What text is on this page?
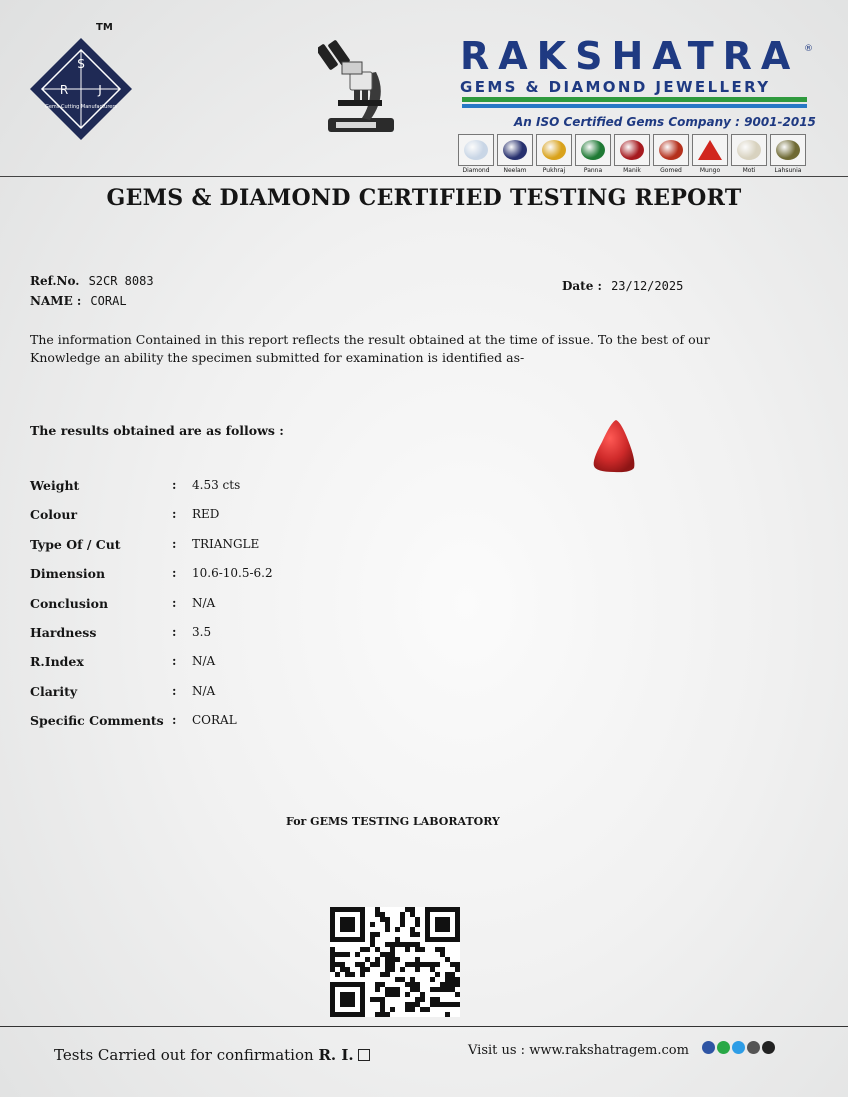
S
R	J
Gems Cutting Manufacturers
TM
RAKSHATRA ®
GEMS & DIAMOND JEWELLERY
An ISO Certified Gems Company : 9001-2015
Diamond Neelam	Pukhraj	Panna	Manik	Gomed	Mungo	Moti	Lahsunia
GEMS & DIAMOND CERTIFIED TESTING REPORT
Ref.No. S2CR 8083
NAME : CORAL
Date : 23/12/2025
The information Contained in this report reflects the result obtained at the time of issue. To the best of our Knowledge an ability the specimen submitted for examination is identified as-
The results obtained are as follows :
Weight	: 4.53 cts
Colour	: RED
Type Of / Cut	: TRIANGLE
Dimension	: 10.6-10.5-6.2
Conclusion	: N/A
Hardness	: 3.5
R.Index	: N/A
Clarity	: N/A
Specific Comments : CORAL
For GEMS TESTING LABORATORY
Tests Carried out for confirmation R. I.	Visit us : www.rakshatragem.com
